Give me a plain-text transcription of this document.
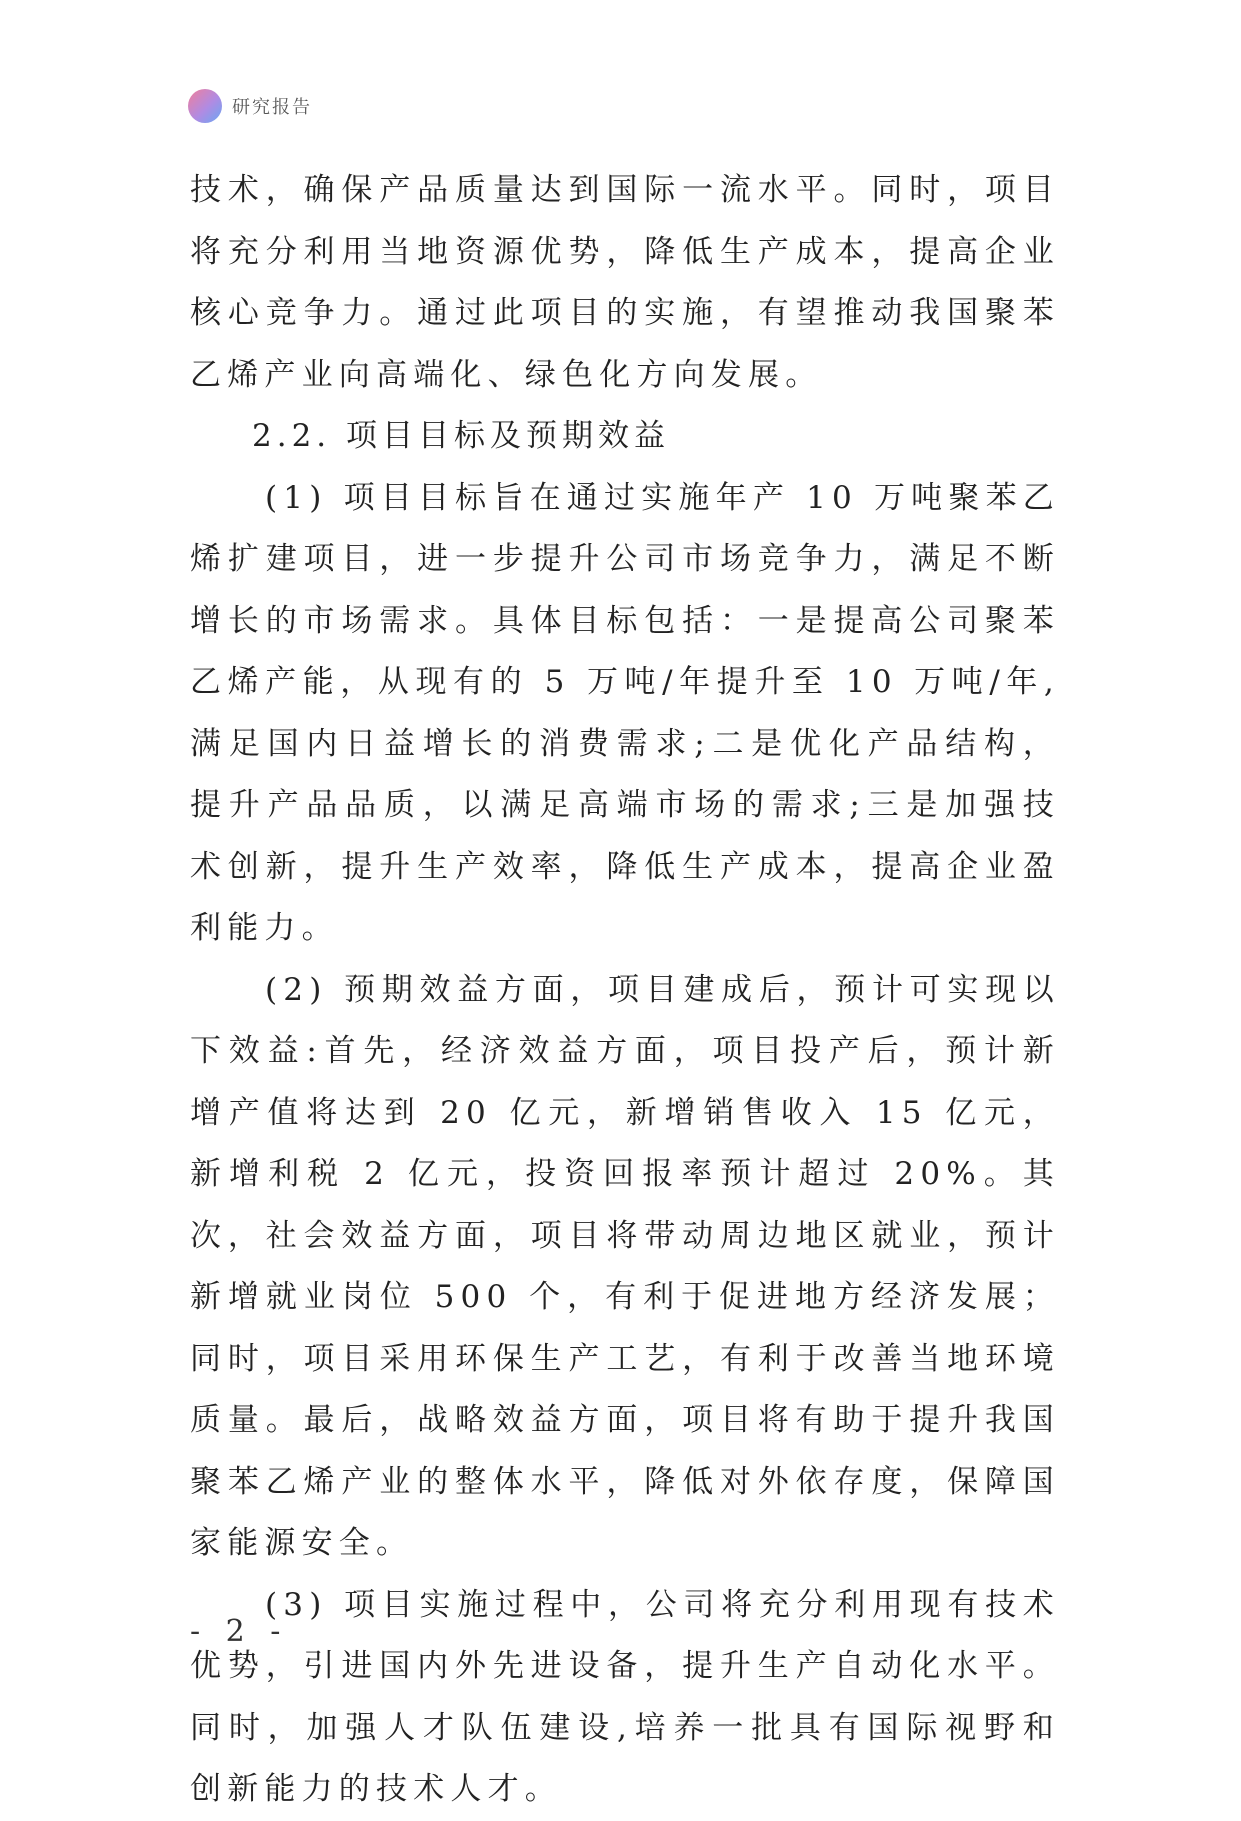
研究报告

技术，确保产品质量达到国际一流水平。同时，项目将充分利用当地资源优势，降低生产成本，提高企业核心竞争力。通过此项目的实施，有望推动我国聚苯乙烯产业向高端化、绿色化方向发展。

2.2. 项目目标及预期效益

(1) 项目目标旨在通过实施年产 10 万吨聚苯乙烯扩建项目，进一步提升公司市场竞争力，满足不断增长的市场需求。具体目标包括：一是提高公司聚苯乙烯产能，从现有的 5 万吨/年提升至 10 万吨/年,满足国内日益增长的消费需求;二是优化产品结构，提升产品品质，以满足高端市场的需求;三是加强技术创新，提升生产效率，降低生产成本，提高企业盈利能力。

(2) 预期效益方面，项目建成后，预计可实现以下效益:首先，经济效益方面，项目投产后，预计新增产值将达到 20 亿元，新增销售收入 15 亿元，新增利税 2 亿元，投资回报率预计超过 20%。其次，社会效益方面，项目将带动周边地区就业，预计新增就业岗位 500 个，有利于促进地方经济发展；同时，项目采用环保生产工艺，有利于改善当地环境质量。最后，战略效益方面，项目将有助于提升我国聚苯乙烯产业的整体水平，降低对外依存度，保障国家能源安全。

(3) 项目实施过程中，公司将充分利用现有技术优势，引进国内外先进设备，提升生产自动化水平。同时，加强人才队伍建设,培养一批具有国际视野和创新能力的技术人才。

- 2 -
